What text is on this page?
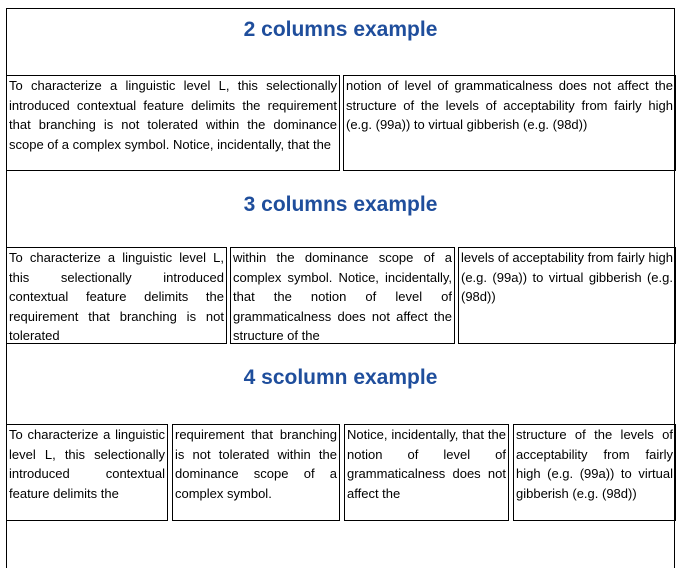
2 columns example
To characterize a linguistic level L, this selectionally introduced contextual feature delimits the requirement that branching is not tolerated within the dominance scope of a complex symbol. Notice, incidentally, that the
notion of level of grammaticalness does not affect the structure of the levels of acceptability from fairly high (e.g. (99a)) to virtual gibberish (e.g. (98d))
3 columns example
To characterize a linguistic level L, this selectionally introduced contextual feature delimits the requirement that branching is not tolerated
within the dominance scope of a complex symbol. Notice, incidentally, that the notion of level of grammaticalness does not affect the structure of the
levels of acceptability from fairly high (e.g. (99a)) to virtual gibberish (e.g. (98d))
4 scolumn example
To characterize a linguistic level L, this selectionally introduced contextual feature delimits the
requirement that branching is not tolerated within the dominance scope of a complex symbol.
Notice, incidentally, that the notion of level of grammaticalness does not affect the
structure of the levels of acceptability from fairly high (e.g. (99a)) to virtual gibberish (e.g. (98d))
